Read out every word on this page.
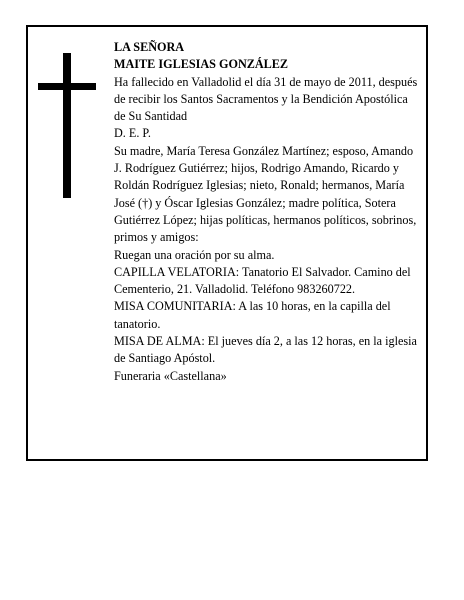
LA SEÑORA

MAITE IGLESIAS GONZÁLEZ

Ha fallecido en Valladolid el día 31 de mayo de 2011, después de recibir los Santos Sacramentos y la Bendición Apostólica de Su Santidad

D. E. P.

Su madre, María Teresa González Martínez; esposo, Amando J. Rodríguez Gutiérrez; hijos, Rodrigo Amando, Ricardo y Roldán Rodríguez Iglesias; nieto, Ronald; hermanos, María José (†) y Óscar Iglesias González; madre política, Sotera Gutiérrez López; hijas políticas, hermanos políticos, sobrinos, primos y amigos:

Ruegan una oración por su alma.

CAPILLA VELATORIA: Tanatorio El Salvador. Camino del Cementerio, 21. Valladolid. Teléfono 983260722.

MISA COMUNITARIA: A las 10 horas, en la capilla del tanatorio.

MISA DE ALMA: El jueves día 2, a las 12 horas, en la iglesia de Santiago Apóstol.

Funeraria «Castellana»
